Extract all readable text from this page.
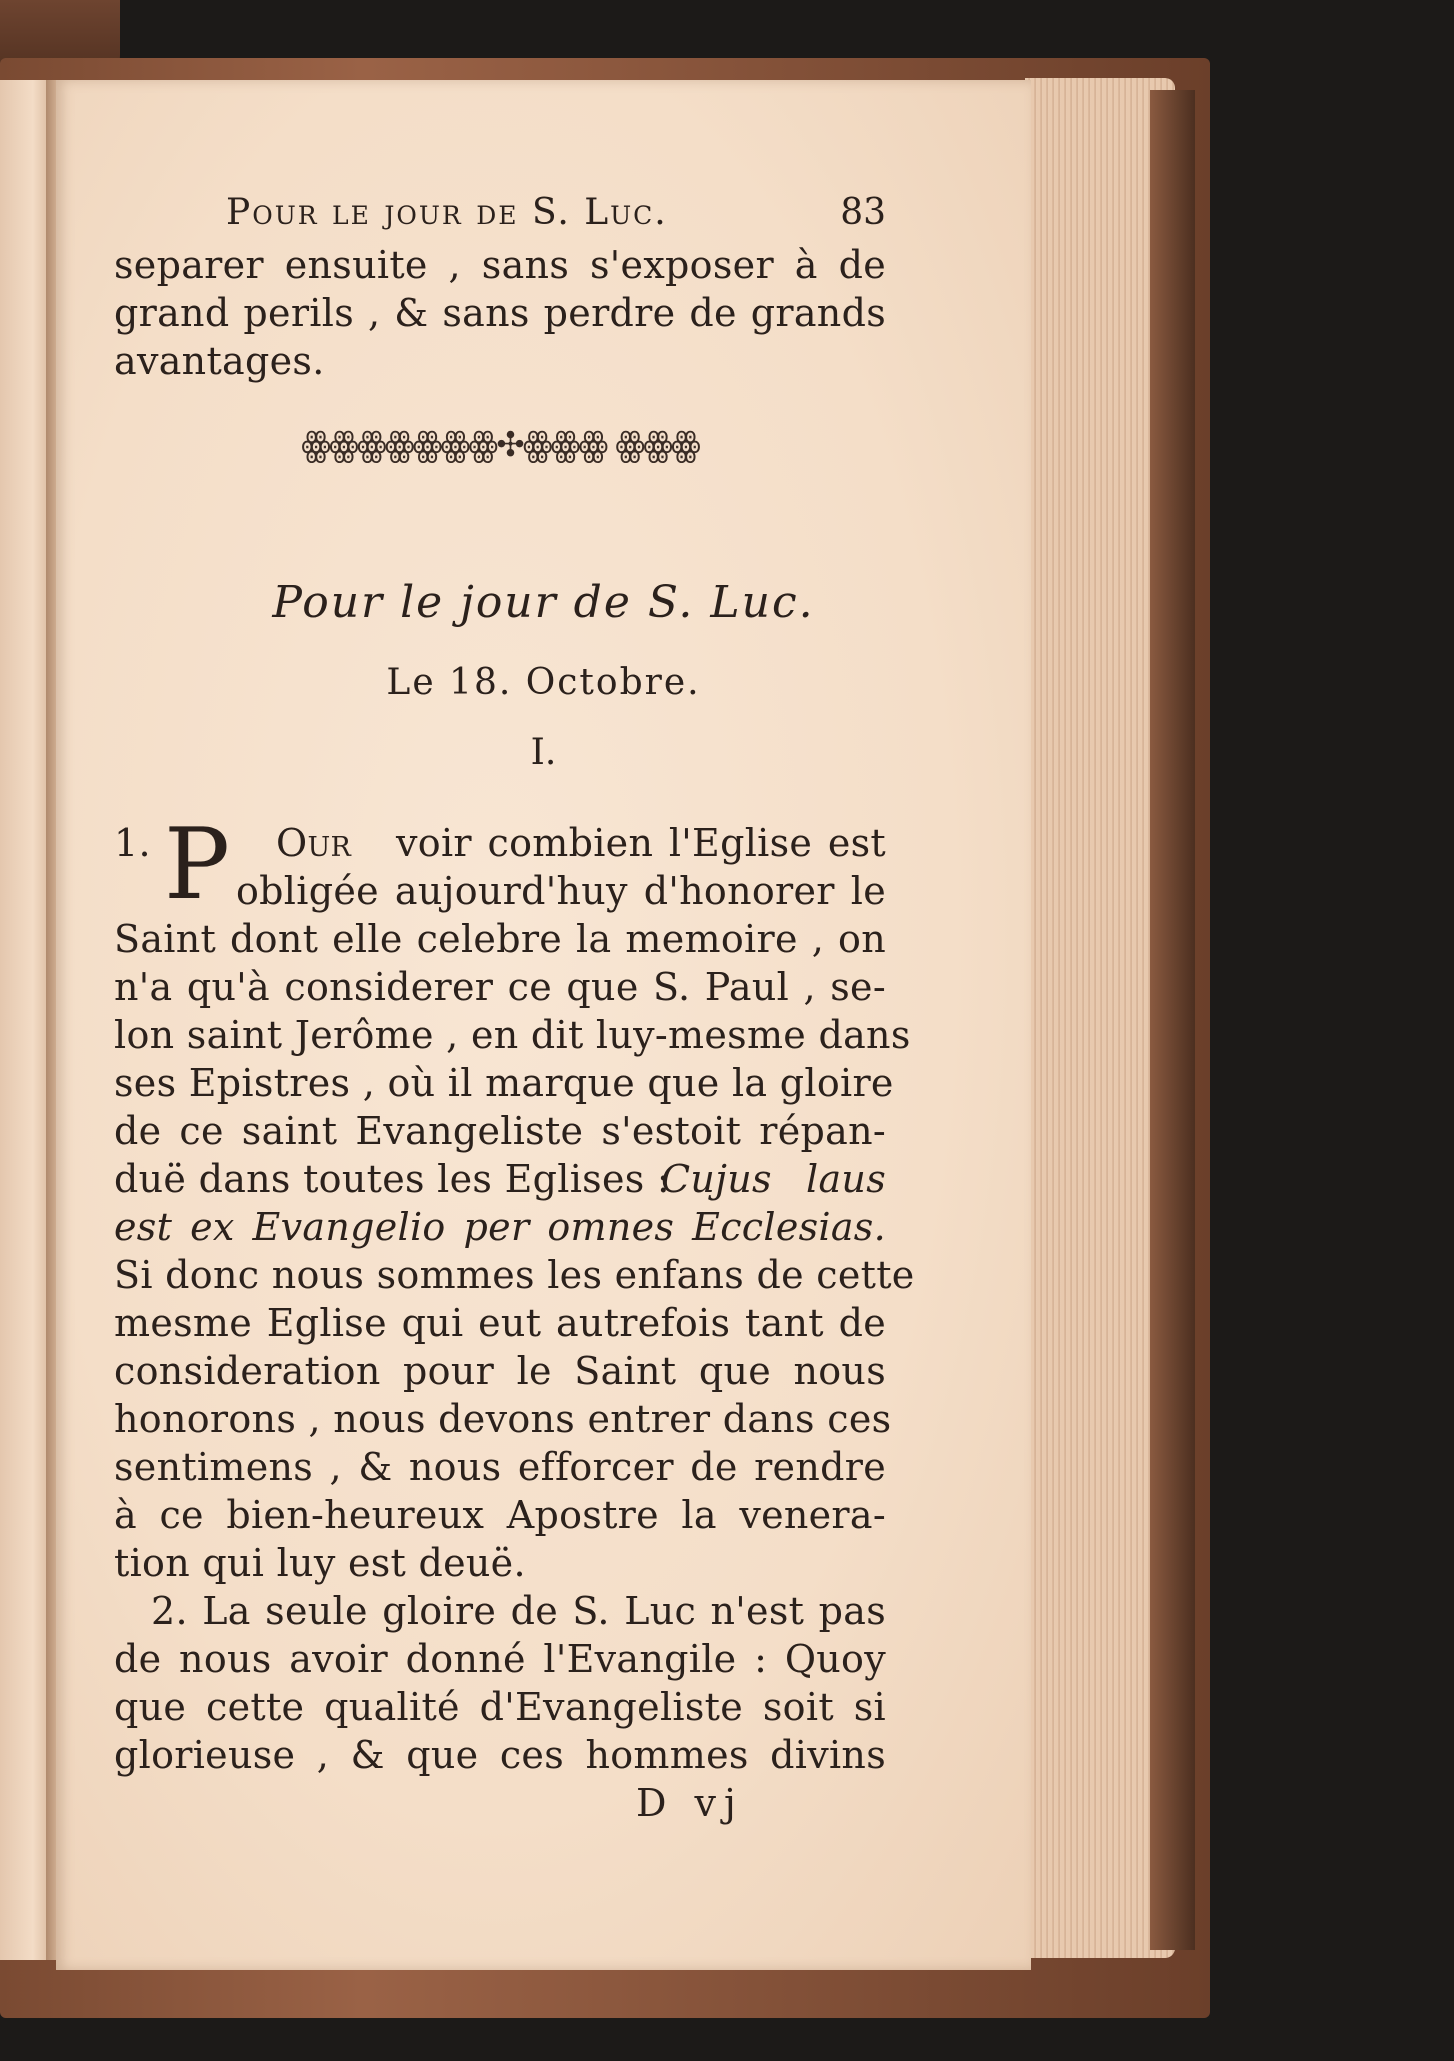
Pour le jour de S. Luc.	83
separer ensuite , sans s'exposer à de
grand perils , & sans perdre de grands
avantages.
ꙮꙮꙮꙮꙮꙮꙮ✣ꙮꙮꙮ ꙮꙮꙮ
Pour le jour de S. Luc.
Le 18. Octobre.
I.
1. P Our	voir combien l'Eglise est
obligée aujourd'huy d'honorer le
Saint dont elle celebre la memoire , on
n'a qu'à considerer ce que S. Paul , se-
lon saint Jerôme , en dit luy-mesme dans
ses Epistres , où il marque que la gloire
de ce saint Evangeliste s'estoit répan-
duë dans toutes les Eglises :
Cujus laus
est ex Evangelio per omnes Ecclesias.
Si donc nous sommes les enfans de cette
mesme Eglise qui eut autrefois tant de
consideration pour le Saint que nous
honorons , nous devons entrer dans ces
sentimens , & nous efforcer de rendre
à ce bien-heureux Apostre la venera-
tion qui luy est deuë.
2. La seule gloire de S. Luc n'est pas
de nous avoir donné l'Evangile : Quoy
que cette qualité d'Evangeliste soit si
glorieuse , & que ces hommes divins
D vj
